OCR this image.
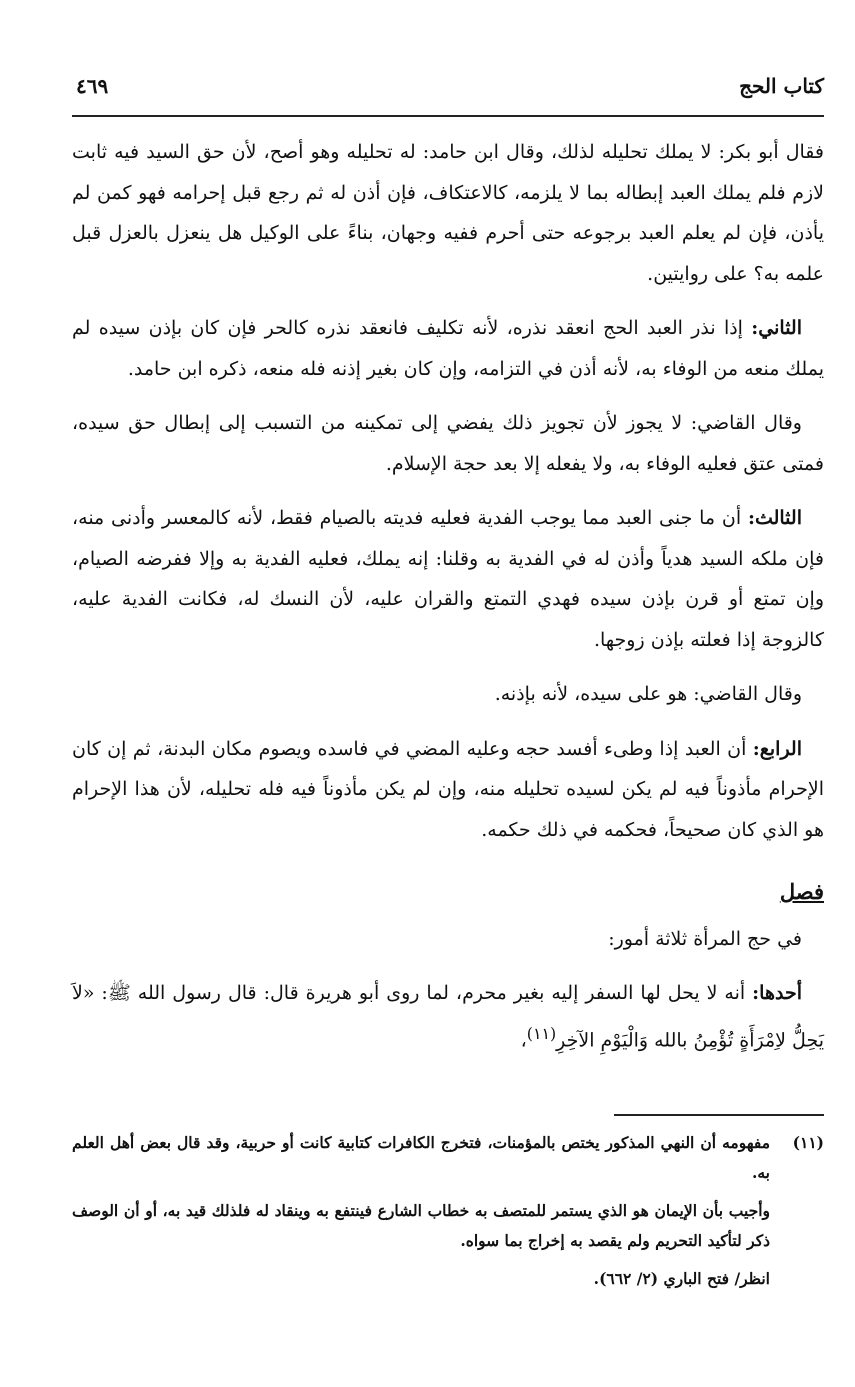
كتاب الحج
٤٦٩

فقال أبو بكر: لا يملك تحليله لذلك، وقال ابن حامد: له تحليله وهو أصح، لأن حق السيد فيه ثابت لازم فلم يملك العبد إبطاله بما لا يلزمه، كالاعتكاف، فإن أذن له ثم رجع قبل إحرامه فهو كمن لم يأذن، فإن لم يعلم العبد برجوعه حتى أحرم ففيه وجهان، بناءً على الوكيل هل ينعزل بالعزل قبل علمه به؟ على روايتين.

الثاني: إذا نذر العبد الحج انعقد نذره، لأنه تكليف فانعقد نذره كالحر فإن كان بإذن سيده لم يملك منعه من الوفاء به، لأنه أذن في التزامه، وإن كان بغير إذنه فله منعه، ذكره ابن حامد.

وقال القاضي: لا يجوز لأن تجويز ذلك يفضي إلى تمكينه من التسبب إلى إبطال حق سيده، فمتى عتق فعليه الوفاء به، ولا يفعله إلا بعد حجة الإسلام.

الثالث: أن ما جنى العبد مما يوجب الفدية فعليه فديته بالصيام فقط، لأنه كالمعسر وأدنى منه، فإن ملكه السيد هدياً وأذن له في الفدية به وقلنا: إنه يملك، فعليه الفدية به وإلا ففرضه الصيام، وإن تمتع أو قرن بإذن سيده فهدي التمتع والقران عليه، لأن النسك له، فكانت الفدية عليه، كالزوجة إذا فعلته بإذن زوجها.

وقال القاضي: هو على سيده، لأنه بإذنه.

الرابع: أن العبد إذا وطىء أفسد حجه وعليه المضي في فاسده ويصوم مكان البدنة، ثم إن كان الإحرام مأذوناً فيه لم يكن لسيده تحليله منه، وإن لم يكن مأذوناً فيه فله تحليله، لأن هذا الإحرام هو الذي كان صحيحاً، فحكمه في ذلك حكمه.

فصل

في حج المرأة ثلاثة أمور:

أحدها: أنه لا يحل لها السفر إليه بغير محرم، لما روى أبو هريرة قال: قال رسول الله ﷺ: «لاَ يَحِلُّ لاِمْرَأَةٍ تُؤْمِنُ بالله وَالْيَوْمِ الآخِرِ$^{(١١)}$،

(١١)
مفهومه أن النهي المذكور يختص بالمؤمنات، فتخرج الكافرات كتابية كانت أو حربية، وقد قال بعض أهل العلم به.
وأجيب بأن الإيمان هو الذي يستمر للمتصف به خطاب الشارع فينتفع به وينقاد له فلذلك قيد به، أو أن الوصف ذكر لتأكيد التحريم ولم يقصد به إخراج بما سواه.
انظر/ فتح الباري (٢/ ٦٦٢).
